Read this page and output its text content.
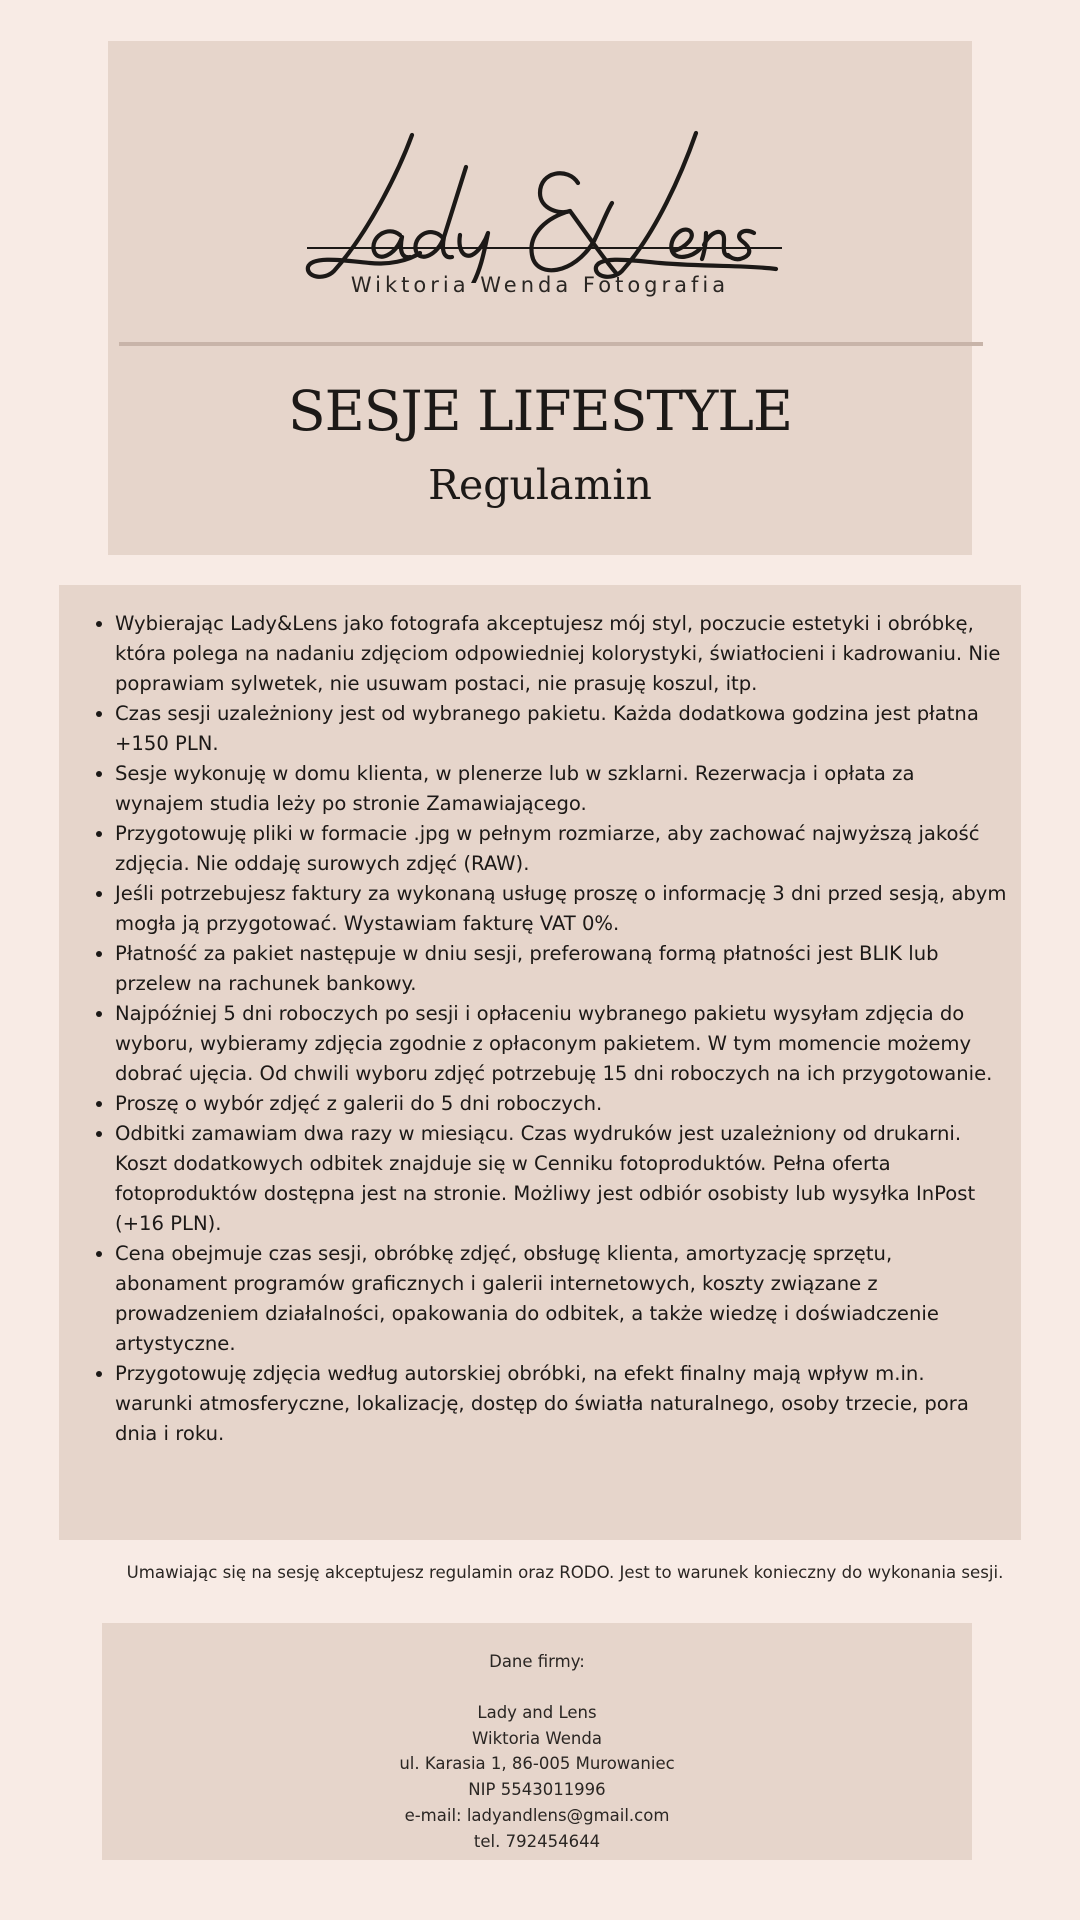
Wiktoria Wenda Fotografia
SESJE LIFESTYLE
Regulamin
• Wybierając Lady&Lens jako fotografa akceptujesz mój styl, poczucie estetyki i obróbkę, która polega na nadaniu zdjęciom odpowiedniej kolorystyki, światłocieni i kadrowaniu. Nie poprawiam sylwetek, nie usuwam postaci, nie prasuję koszul, itp.
• Czas sesji uzależniony jest od wybranego pakietu. Każda dodatkowa godzina jest płatna +150 PLN.
• Sesje wykonuję w domu klienta, w plenerze lub w szklarni. Rezerwacja i opłata za wynajem studia leży po stronie Zamawiającego.
• Przygotowuję pliki w formacie .jpg w pełnym rozmiarze, aby zachować najwyższą jakość zdjęcia. Nie oddaję surowych zdjęć (RAW).
• Jeśli potrzebujesz faktury za wykonaną usługę proszę o informację 3 dni przed sesją, abym mogła ją przygotować. Wystawiam fakturę VAT 0%.
• Płatność za pakiet następuje w dniu sesji, preferowaną formą płatności jest BLIK lub przelew na rachunek bankowy.
• Najpóźniej 5 dni roboczych po sesji i opłaceniu wybranego pakietu wysyłam zdjęcia do wyboru, wybieramy zdjęcia zgodnie z opłaconym pakietem. W tym momencie możemy dobrać ujęcia. Od chwili wyboru zdjęć potrzebuję 15 dni roboczych na ich przygotowanie.
• Proszę o wybór zdjęć z galerii do 5 dni roboczych.
• Odbitki zamawiam dwa razy w miesiącu. Czas wydruków jest uzależniony od drukarni. Koszt dodatkowych odbitek znajduje się w Cenniku fotoproduktów. Pełna oferta fotoproduktów dostępna jest na stronie. Możliwy jest odbiór osobisty lub wysyłka InPost (+16 PLN).
• Cena obejmuje czas sesji, obróbkę zdjęć, obsługę klienta, amortyzację sprzętu, abonament programów graficznych i galerii internetowych, koszty związane z prowadzeniem działalności, opakowania do odbitek, a także wiedzę i doświadczenie artystyczne.
• Przygotowuję zdjęcia według autorskiej obróbki, na efekt finalny mają wpływ m.in. warunki atmosferyczne, lokalizację, dostęp do światła naturalnego, osoby trzecie, pora dnia i roku.
Umawiając się na sesję akceptujesz regulamin oraz RODO. Jest to warunek konieczny do wykonania sesji.
Dane firmy:
Lady and Lens
Wiktoria Wenda
ul. Karasia 1, 86-005 Murowaniec
NIP 5543011996
e-mail: ladyandlens@gmail.com
tel. 792454644
